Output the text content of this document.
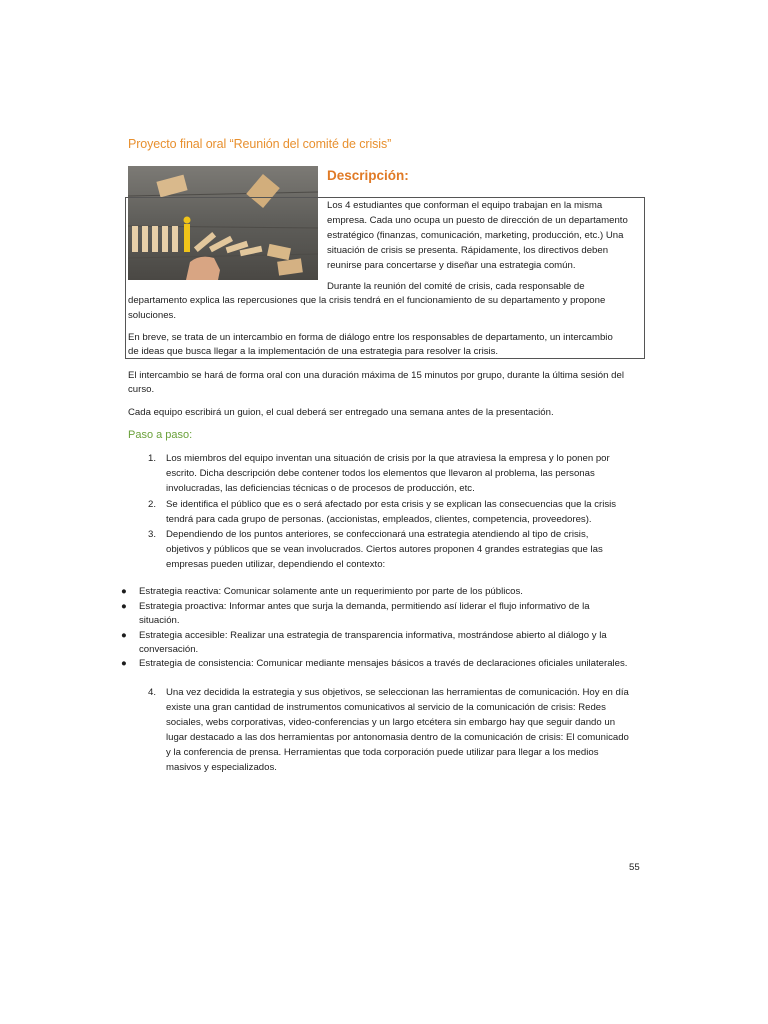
Proyecto final oral “Reunión del comité de crisis”
Descripción:
Los 4 estudiantes que conforman el equipo trabajan en la misma
empresa. Cada uno ocupa un puesto de dirección de un departamento
estratégico (finanzas, comunicación, marketing, producción, etc.) Una
situación de crisis se presenta. Rápidamente, los directivos deben
reunirse para concertarse y diseñar una estrategia común.
Durante la reunión del comité de crisis, cada responsable de
departamento explica las repercusiones que la crisis tendrá en el funcionamiento de su departamento y propone
soluciones.
En breve, se trata de un intercambio en forma de diálogo entre los responsables de departamento, un intercambio
de ideas que busca llegar a la implementación de una estrategia para resolver la crisis.
El intercambio se hará de forma oral con una duración máxima de 15 minutos por grupo, durante la última sesión del
curso.
Cada equipo escribirá un guion, el cual deberá ser entregado una semana antes de la presentación.
Paso a paso:
1. Los miembros del equipo inventan una situación de crisis por la que atraviesa la empresa y lo ponen por
escrito. Dicha descripción debe contener todos los elementos que llevaron al problema, las personas
involucradas, las deficiencias técnicas o de procesos de producción, etc.
2. Se identifica el público que es o será afectado por esta crisis y se explican las consecuencias que la crisis
tendrá para cada grupo de personas. (accionistas, empleados, clientes, competencia, proveedores).
3. Dependiendo de los puntos anteriores, se confeccionará una estrategia atendiendo al tipo de crisis,
objetivos y públicos que se vean involucrados. Ciertos autores proponen 4 grandes estrategias que las
empresas pueden utilizar, dependiendo el contexto:
● Estrategia reactiva: Comunicar solamente ante un requerimiento por parte de los públicos.
● Estrategia proactiva: Informar antes que surja la demanda, permitiendo así liderar el flujo informativo de la
situación.
● Estrategia accesible: Realizar una estrategia de transparencia informativa, mostrándose abierto al diálogo y la
conversación.
● Estrategia de consistencia: Comunicar mediante mensajes básicos a través de declaraciones oficiales unilaterales.
4. Una vez decidida la estrategia y sus objetivos, se seleccionan las herramientas de comunicación. Hoy en día
existe una gran cantidad de instrumentos comunicativos al servicio de la comunicación de crisis: Redes
sociales, webs corporativas, video-conferencias y un largo etcétera sin embargo hay que seguir dando un
lugar destacado a las dos herramientas por antonomasia dentro de la comunicación de crisis: El comunicado
y la conferencia de prensa. Herramientas que toda corporación puede utilizar para llegar a los medios
masivos y especializados.
55
